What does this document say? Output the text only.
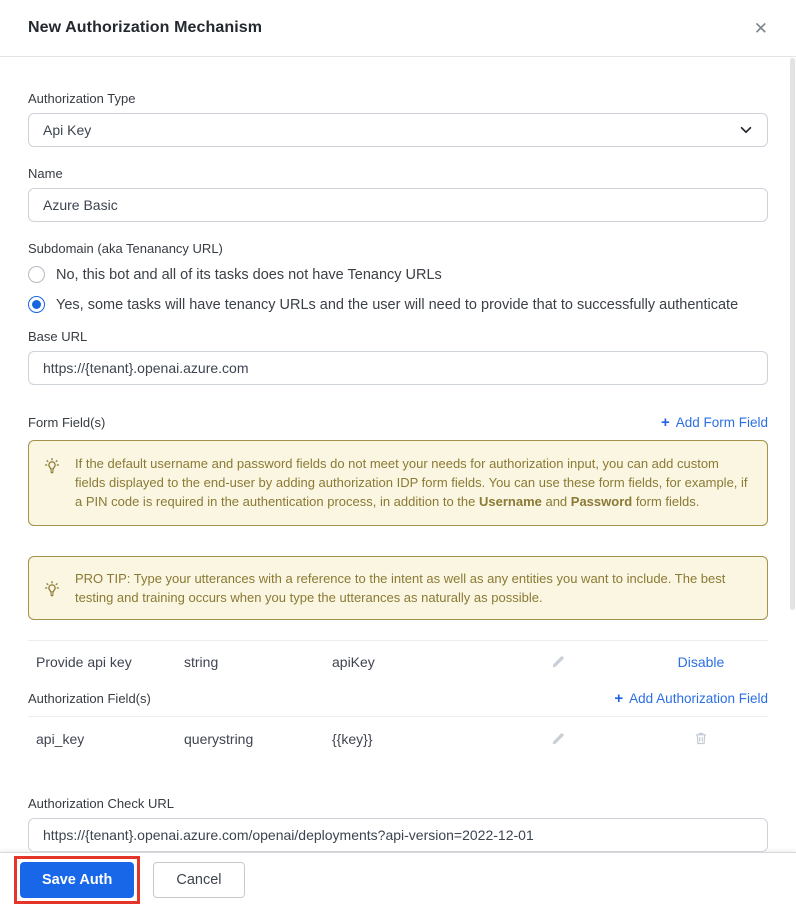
New Authorization Mechanism	✕
Authorization Type
Api Key
Name
Azure Basic
Subdomain (aka Tenanancy URL)
No, this bot and all of its tasks does not have Tenancy URLs
Yes, some tasks will have tenancy URLs and the user will need to provide that to successfully authenticate
Base URL
https://{tenant}.openai.azure.com
Form Field(s)	+ Add Form Field
If the default username and password fields do not meet your needs for authorization input, you can add custom fields displayed to the end-user by adding authorization IDP form fields. You can use these form fields, for example, if a PIN code is required in the authentication process, in addition to the Username and Password form fields.
PRO TIP: Type your utterances with a reference to the intent as well as any entities you want to include. The best testing and training occurs when you type the utterances as naturally as possible.
Provide api key	string	apiKey	Disable
Authorization Field(s)	+ Add Authorization Field
api_key	querystring	{{key}}
Authorization Check URL
https://{tenant}.openai.azure.com/openai/deployments?api-version=2022-12-01
Save Auth	Cancel
